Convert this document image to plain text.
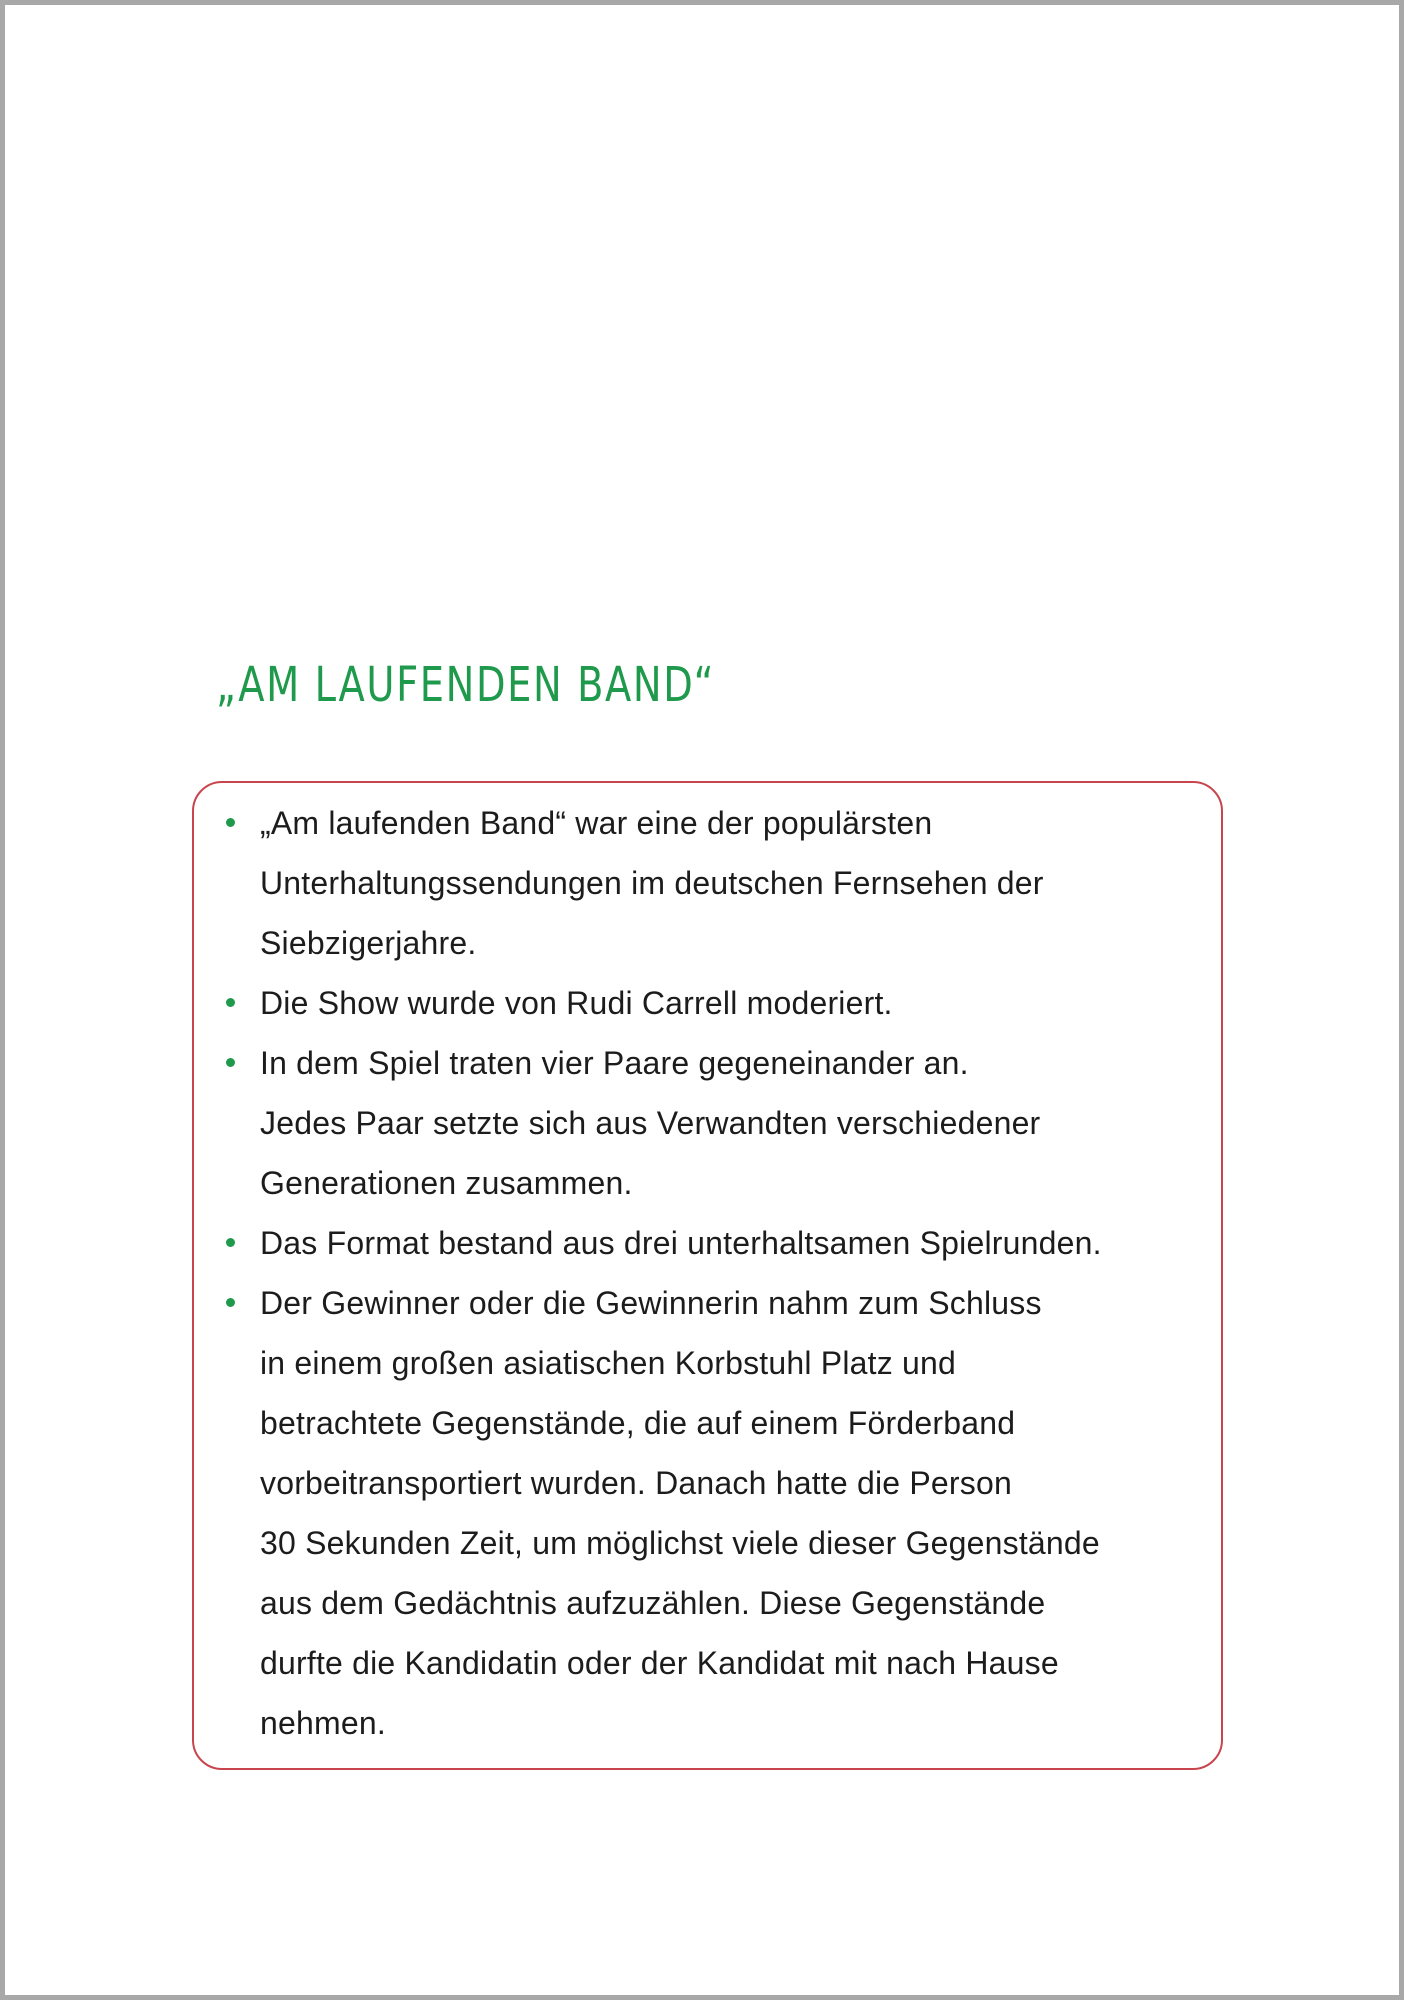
„AM LAUFENDEN BAND“
„Am laufenden Band“ war eine der populärsten
Unterhaltungssendungen im deutschen Fernsehen der
Siebzigerjahre.
Die Show wurde von Rudi Carrell moderiert.
In dem Spiel traten vier Paare gegeneinander an.
Jedes Paar setzte sich aus Verwandten verschiedener
Generationen zusammen.
Das Format bestand aus drei unterhaltsamen Spielrunden.
Der Gewinner oder die Gewinnerin nahm zum Schluss
in einem großen asiatischen Korbstuhl Platz und
betrachtete Gegenstände, die auf einem Förderband
vorbeitransportiert wurden. Danach hatte die Person
30 Sekunden Zeit, um möglichst viele dieser Gegenstände
aus dem Gedächtnis aufzuzählen. Diese Gegenstände
durfte die Kandidatin oder der Kandidat mit nach Hause
nehmen.
